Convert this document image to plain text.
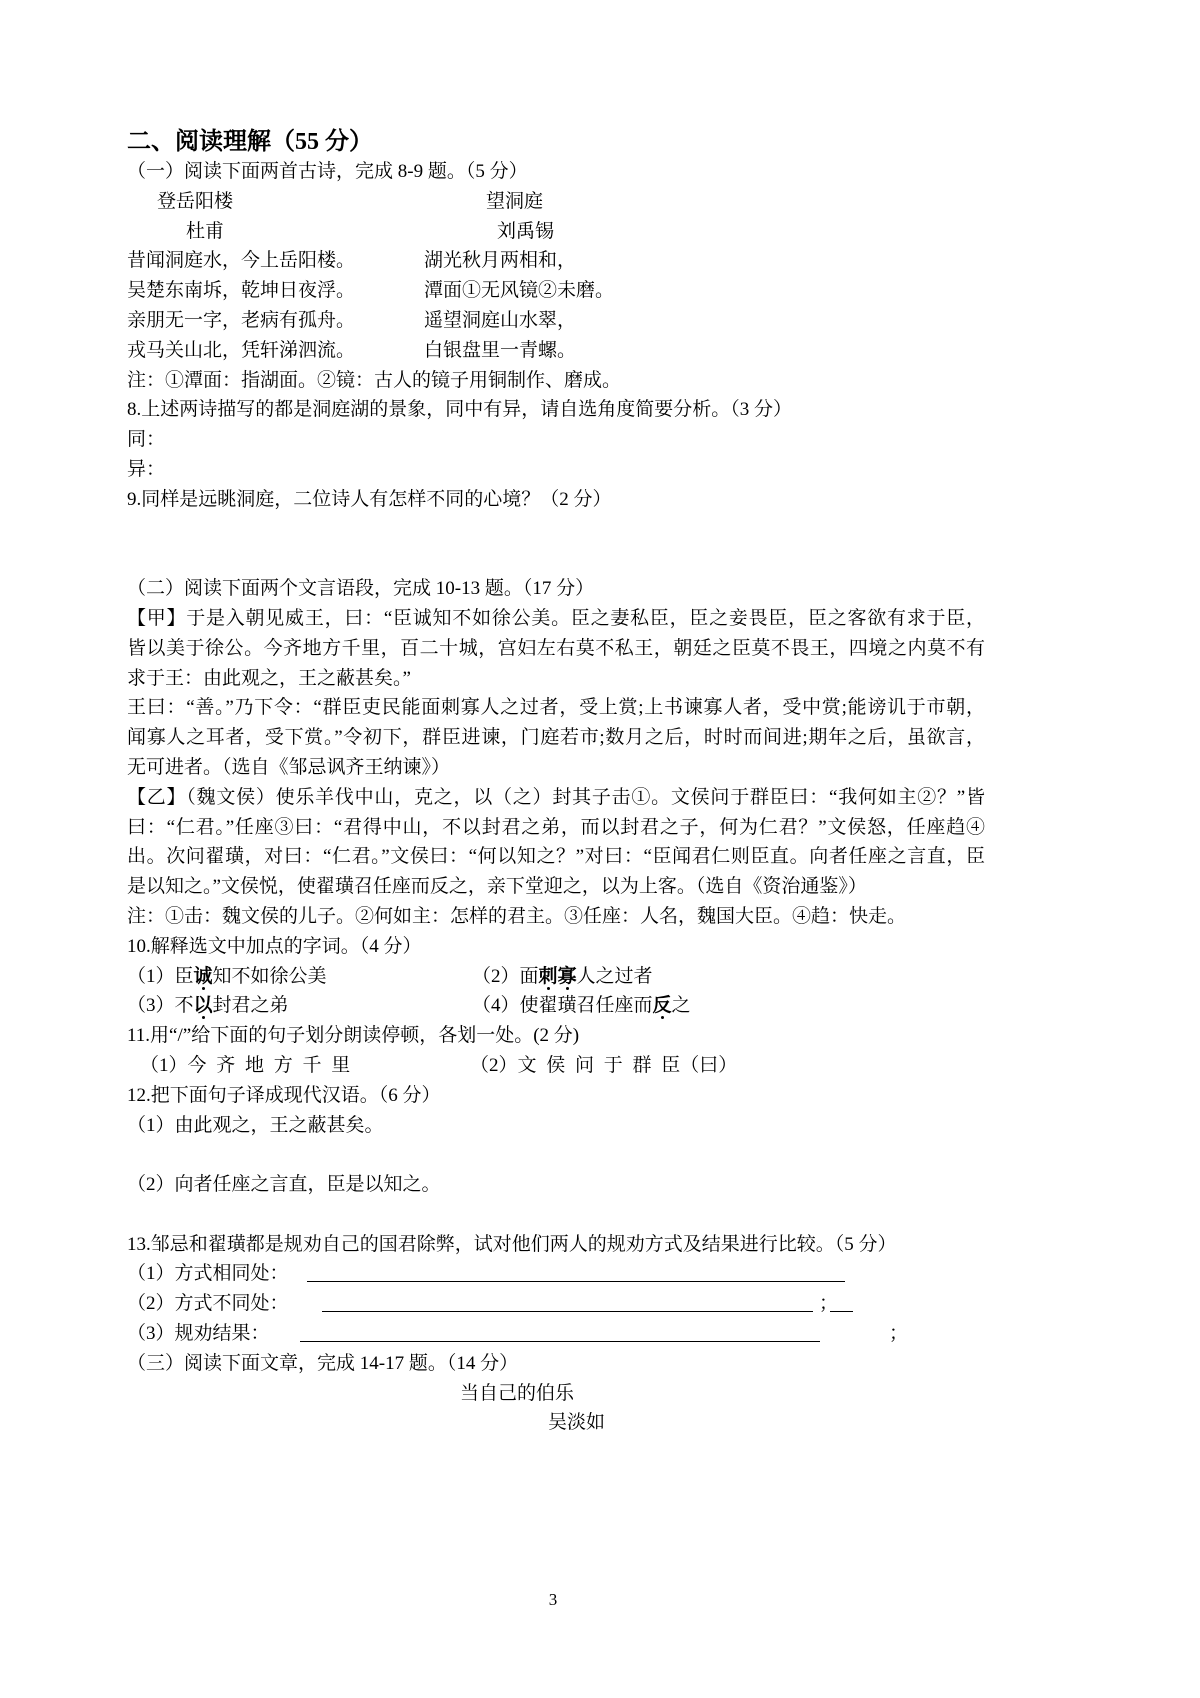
二、阅读理解（55 分）
（一）阅读下面两首古诗，完成 8-9 题。（5 分）
登岳阳楼	望洞庭
杜甫	刘禹锡
昔闻洞庭水，今上岳阳楼。	湖光秋月两相和，
吴楚东南坼，乾坤日夜浮。	潭面①无风镜②未磨。
亲朋无一字，老病有孤舟。	遥望洞庭山水翠，
戎马关山北，凭轩涕泗流。	白银盘里一青螺。
注：①潭面：指湖面。②镜：古人的镜子用铜制作、磨成。
8.上述两诗描写的都是洞庭湖的景象，同中有异，请自选角度简要分析。（3 分）
同：
异：
9.同样是远眺洞庭，二位诗人有怎样不同的心境？（2 分）
（二）阅读下面两个文言语段，完成 10-13 题。（17 分）
【甲】于是入朝见威王，曰：“臣诚知不如徐公美。臣之妻私臣，臣之妾畏臣，臣之客欲有求于臣，
皆以美于徐公。今齐地方千里，百二十城，宫妇左右莫不私王，朝廷之臣莫不畏王，四境之内莫不有
求于王：由此观之，王之蔽甚矣。”
王曰：“善。”乃下令：“群臣吏民能面刺寡人之过者，受上赏;上书谏寡人者，受中赏;能谤讥于市朝，
闻寡人之耳者，受下赏。”令初下，群臣进谏，门庭若市;数月之后，时时而间进;期年之后，虽欲言，
无可进者。（选自《邹忌讽齐王纳谏》）
【乙】（魏文侯）使乐羊伐中山，克之，以（之）封其子击①。文侯问于群臣曰：“我何如主②？”皆
曰：“仁君。”任座③曰：“君得中山，不以封君之弟，而以封君之子，何为仁君？”文侯怒，任座趋④
出。次问翟璜，对曰：“仁君。”文侯曰：“何以知之？”对曰：“臣闻君仁则臣直。向者任座之言直，臣
是以知之。”文侯悦，使翟璜召任座而反之，亲下堂迎之，以为上客。（选自《资治通鉴》）
注：①击：魏文侯的儿子。②何如主：怎样的君主。③任座：人名，魏国大臣。④趋：快走。
10.解释选文中加点的字词。（4 分）
（1）臣诚知不如徐公美	（2）面刺寡人之过者
（3）不以封君之弟	（4）使翟璜召任座而反之
11.用“/”给下面的句子划分朗读停顿，各划一处。(2 分)
（1）今 齐 地 方 千 里	（2）文 侯 问 于 群 臣（曰）
12.把下面句子译成现代汉语。（6 分）
（1）由此观之，王之蔽甚矣。
（2）向者任座之言直，臣是以知之。
13.邹忌和翟璜都是规劝自己的国君除弊，试对他们两人的规劝方式及结果进行比较。（5 分）
（1）方式相同处：
（2）方式不同处：	；
（3）规劝结果：	；
（三）阅读下面文章，完成 14-17 题。（14 分）
当自己的伯乐
吴淡如
3
